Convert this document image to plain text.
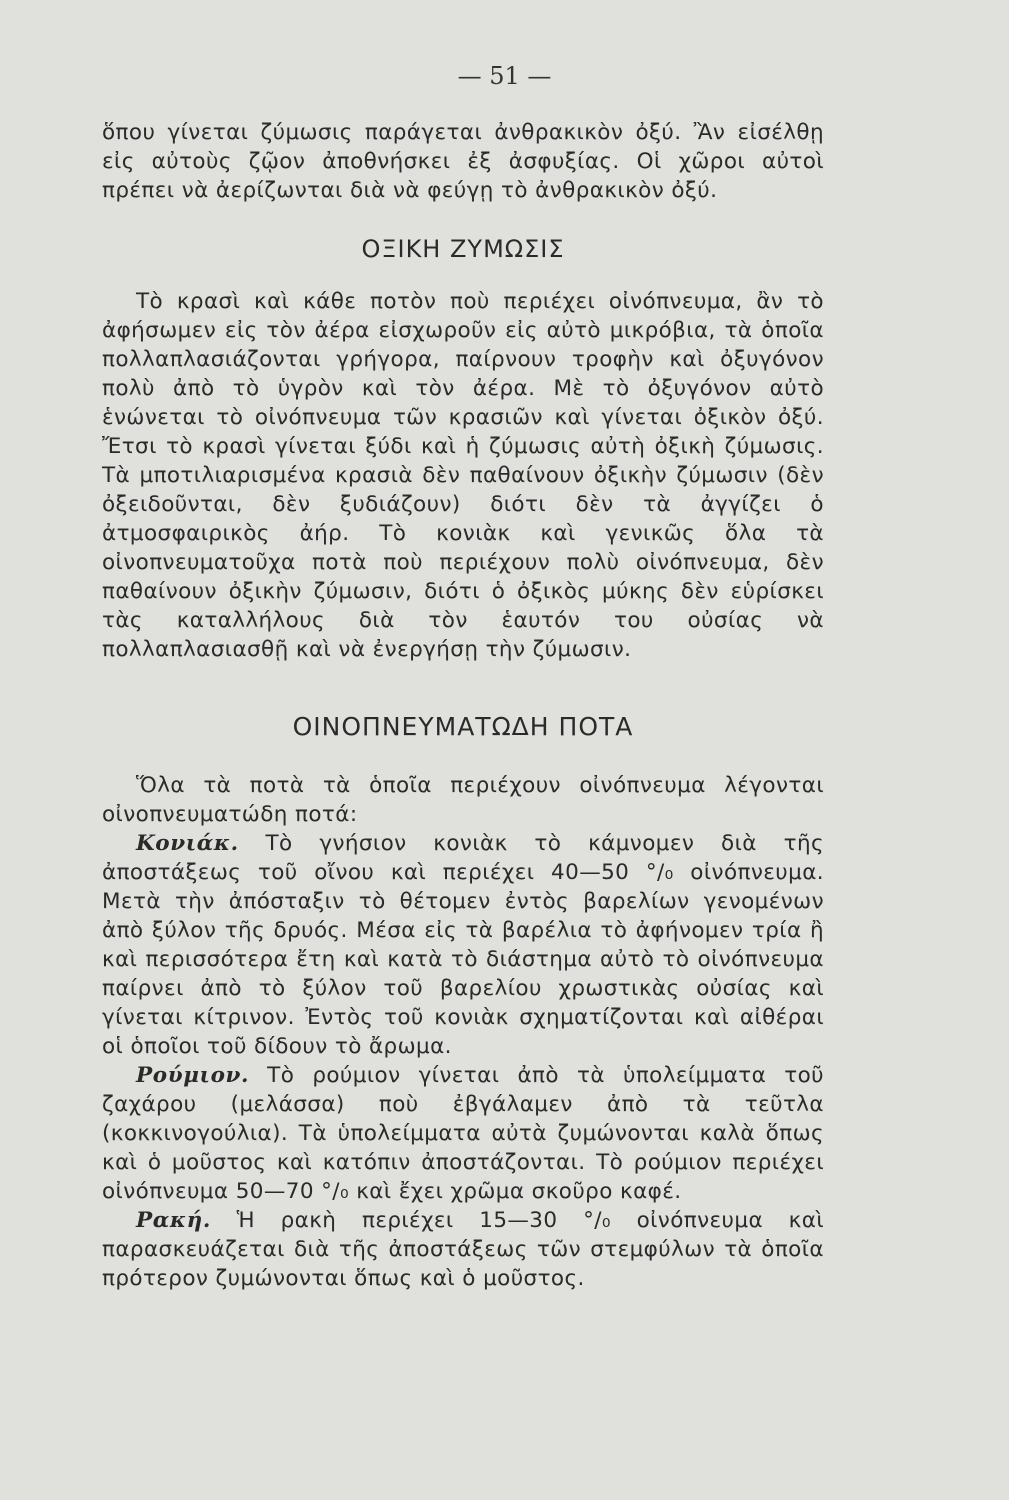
— 51 —

ὅπου γίνεται ζύμωσις παράγεται ἀνθρακικὸν ὀξύ. Ἂν εἰσέλθῃ εἰς αὐτοὺς ζῷον ἀποθνήσκει ἐξ ἀσφυξίας. Οἱ χῶροι αὐτοὶ πρέπει νὰ ἀερίζωνται διὰ νὰ φεύγῃ τὸ ἀνθρακικὸν ὀξύ.

ΟΞΙΚΗ ΖΥΜΩΣΙΣ

Τὸ κρασὶ καὶ κάθε ποτὸν ποὺ περιέχει οἰνόπνευμα, ἂν τὸ ἀφήσωμεν εἰς τὸν ἀέρα εἰσχωροῦν εἰς αὐτὸ μικρόβια, τὰ ὁποῖα πολλαπλασιάζονται γρήγορα, παίρνουν τροφὴν καὶ ὀξυγόνον πολὺ ἀπὸ τὸ ὑγρὸν καὶ τὸν ἀέρα. Μὲ τὸ ὀξυγόνον αὐτὸ ἑνώνεται τὸ οἰνόπνευμα τῶν κρασιῶν καὶ γίνεται ὀξικὸν ὀξύ. Ἔτσι τὸ κρασὶ γίνεται ξύδι καὶ ἡ ζύμωσις αὐτὴ ὀξικὴ ζύμωσις. Τὰ μποτιλιαρισμένα κρασιὰ δὲν παθαίνουν ὀξικὴν ζύμωσιν (δὲν ὀξειδοῦνται, δὲν ξυδιάζουν) διότι δὲν τὰ ἀγγίζει ὁ ἀτμοσφαιρικὸς ἀήρ. Τὸ κονιὰκ καὶ γενικῶς ὅλα τὰ οἰνοπνευματοῦχα ποτὰ ποὺ περιέχουν πολὺ οἰνόπνευμα, δὲν παθαίνουν ὀξικὴν ζύμωσιν, διότι ὁ ὀξικὸς μύκης δὲν εὑρίσκει τὰς καταλλήλους διὰ τὸν ἑαυτόν του οὐσίας νὰ πολλαπλασιασθῇ καὶ νὰ ἐνεργήσῃ τὴν ζύμωσιν.

ΟΙΝΟΠΝΕΥΜΑΤΩΔΗ ΠΟΤΑ

Ὅλα τὰ ποτὰ τὰ ὁποῖα περιέχουν οἰνόπνευμα λέγονται οἰνοπνευματώδη ποτά:

Κονιάκ. Τὸ γνήσιον κονιὰκ τὸ κάμνομεν διὰ τῆς ἀποστάξεως τοῦ οἴνου καὶ περιέχει 40—50 °/₀ οἰνόπνευμα. Μετὰ τὴν ἀπόσταξιν τὸ θέτομεν ἐντὸς βαρελίων γενομένων ἀπὸ ξύλον τῆς δρυός. Μέσα εἰς τὰ βαρέλια τὸ ἀφήνομεν τρία ἢ καὶ περισσότερα ἔτη καὶ κατὰ τὸ διάστημα αὐτὸ τὸ οἰνόπνευμα παίρνει ἀπὸ τὸ ξύλον τοῦ βαρελίου χρωστικὰς οὐσίας καὶ γίνεται κίτρινον. Ἐντὸς τοῦ κονιὰκ σχηματίζονται καὶ αἰθέραι οἱ ὁποῖοι τοῦ δίδουν τὸ ἄρωμα.

Ρούμιον. Τὸ ρούμιον γίνεται ἀπὸ τὰ ὑπολείμματα τοῦ ζαχάρου (μελάσσα) ποὺ ἐβγάλαμεν ἀπὸ τὰ τεῦτλα (κοκκινογούλια). Τὰ ὑπολείμματα αὐτὰ ζυμώνονται καλὰ ὅπως καὶ ὁ μοῦστος καὶ κατόπιν ἀποστάζονται. Τὸ ρούμιον περιέχει οἰνόπνευμα 50—70 °/₀ καὶ ἔχει χρῶμα σκοῦρο καφέ.

Ρακή. Ἡ ρακὴ περιέχει 15—30 °/₀ οἰνόπνευμα καὶ παρασκευάζεται διὰ τῆς ἀποστάξεως τῶν στεμφύλων τὰ ὁποῖα πρότερον ζυμώνονται ὅπως καὶ ὁ μοῦστος.
